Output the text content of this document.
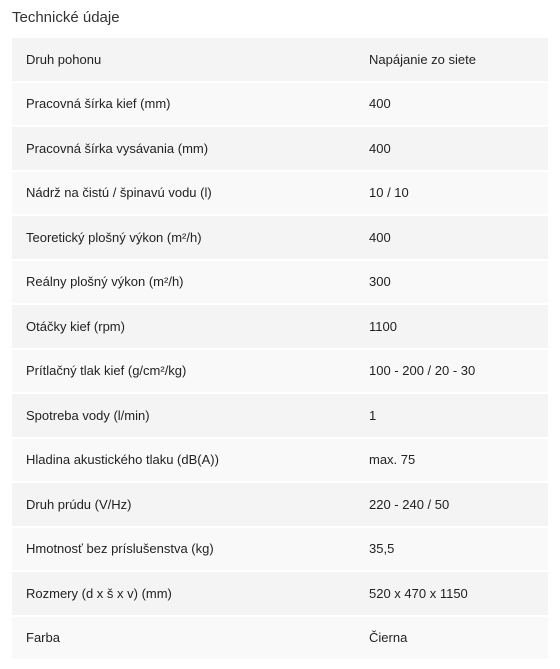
Technické údaje
Druh pohonu	Napájanie zo siete
Pracovná šírka kief (mm)	400
Pracovná šírka vysávania (mm)	400
Nádrž na čistú / špinavú vodu (l)	10 / 10
Teoretický plošný výkon (m²/h)	400
Reálny plošný výkon (m²/h)	300
Otáčky kief (rpm)	1100
Prítlačný tlak kief (g/cm²/kg)	100 - 200 / 20 - 30
Spotreba vody (l/min)	1
Hladina akustického tlaku (dB(A))	max. 75
Druh prúdu (V/Hz)	220 - 240 / 50
Hmotnosť bez príslušenstva (kg)	35,5
Rozmery (d x š x v) (mm)	520 x 470 x 1150
Farba	Čierna
